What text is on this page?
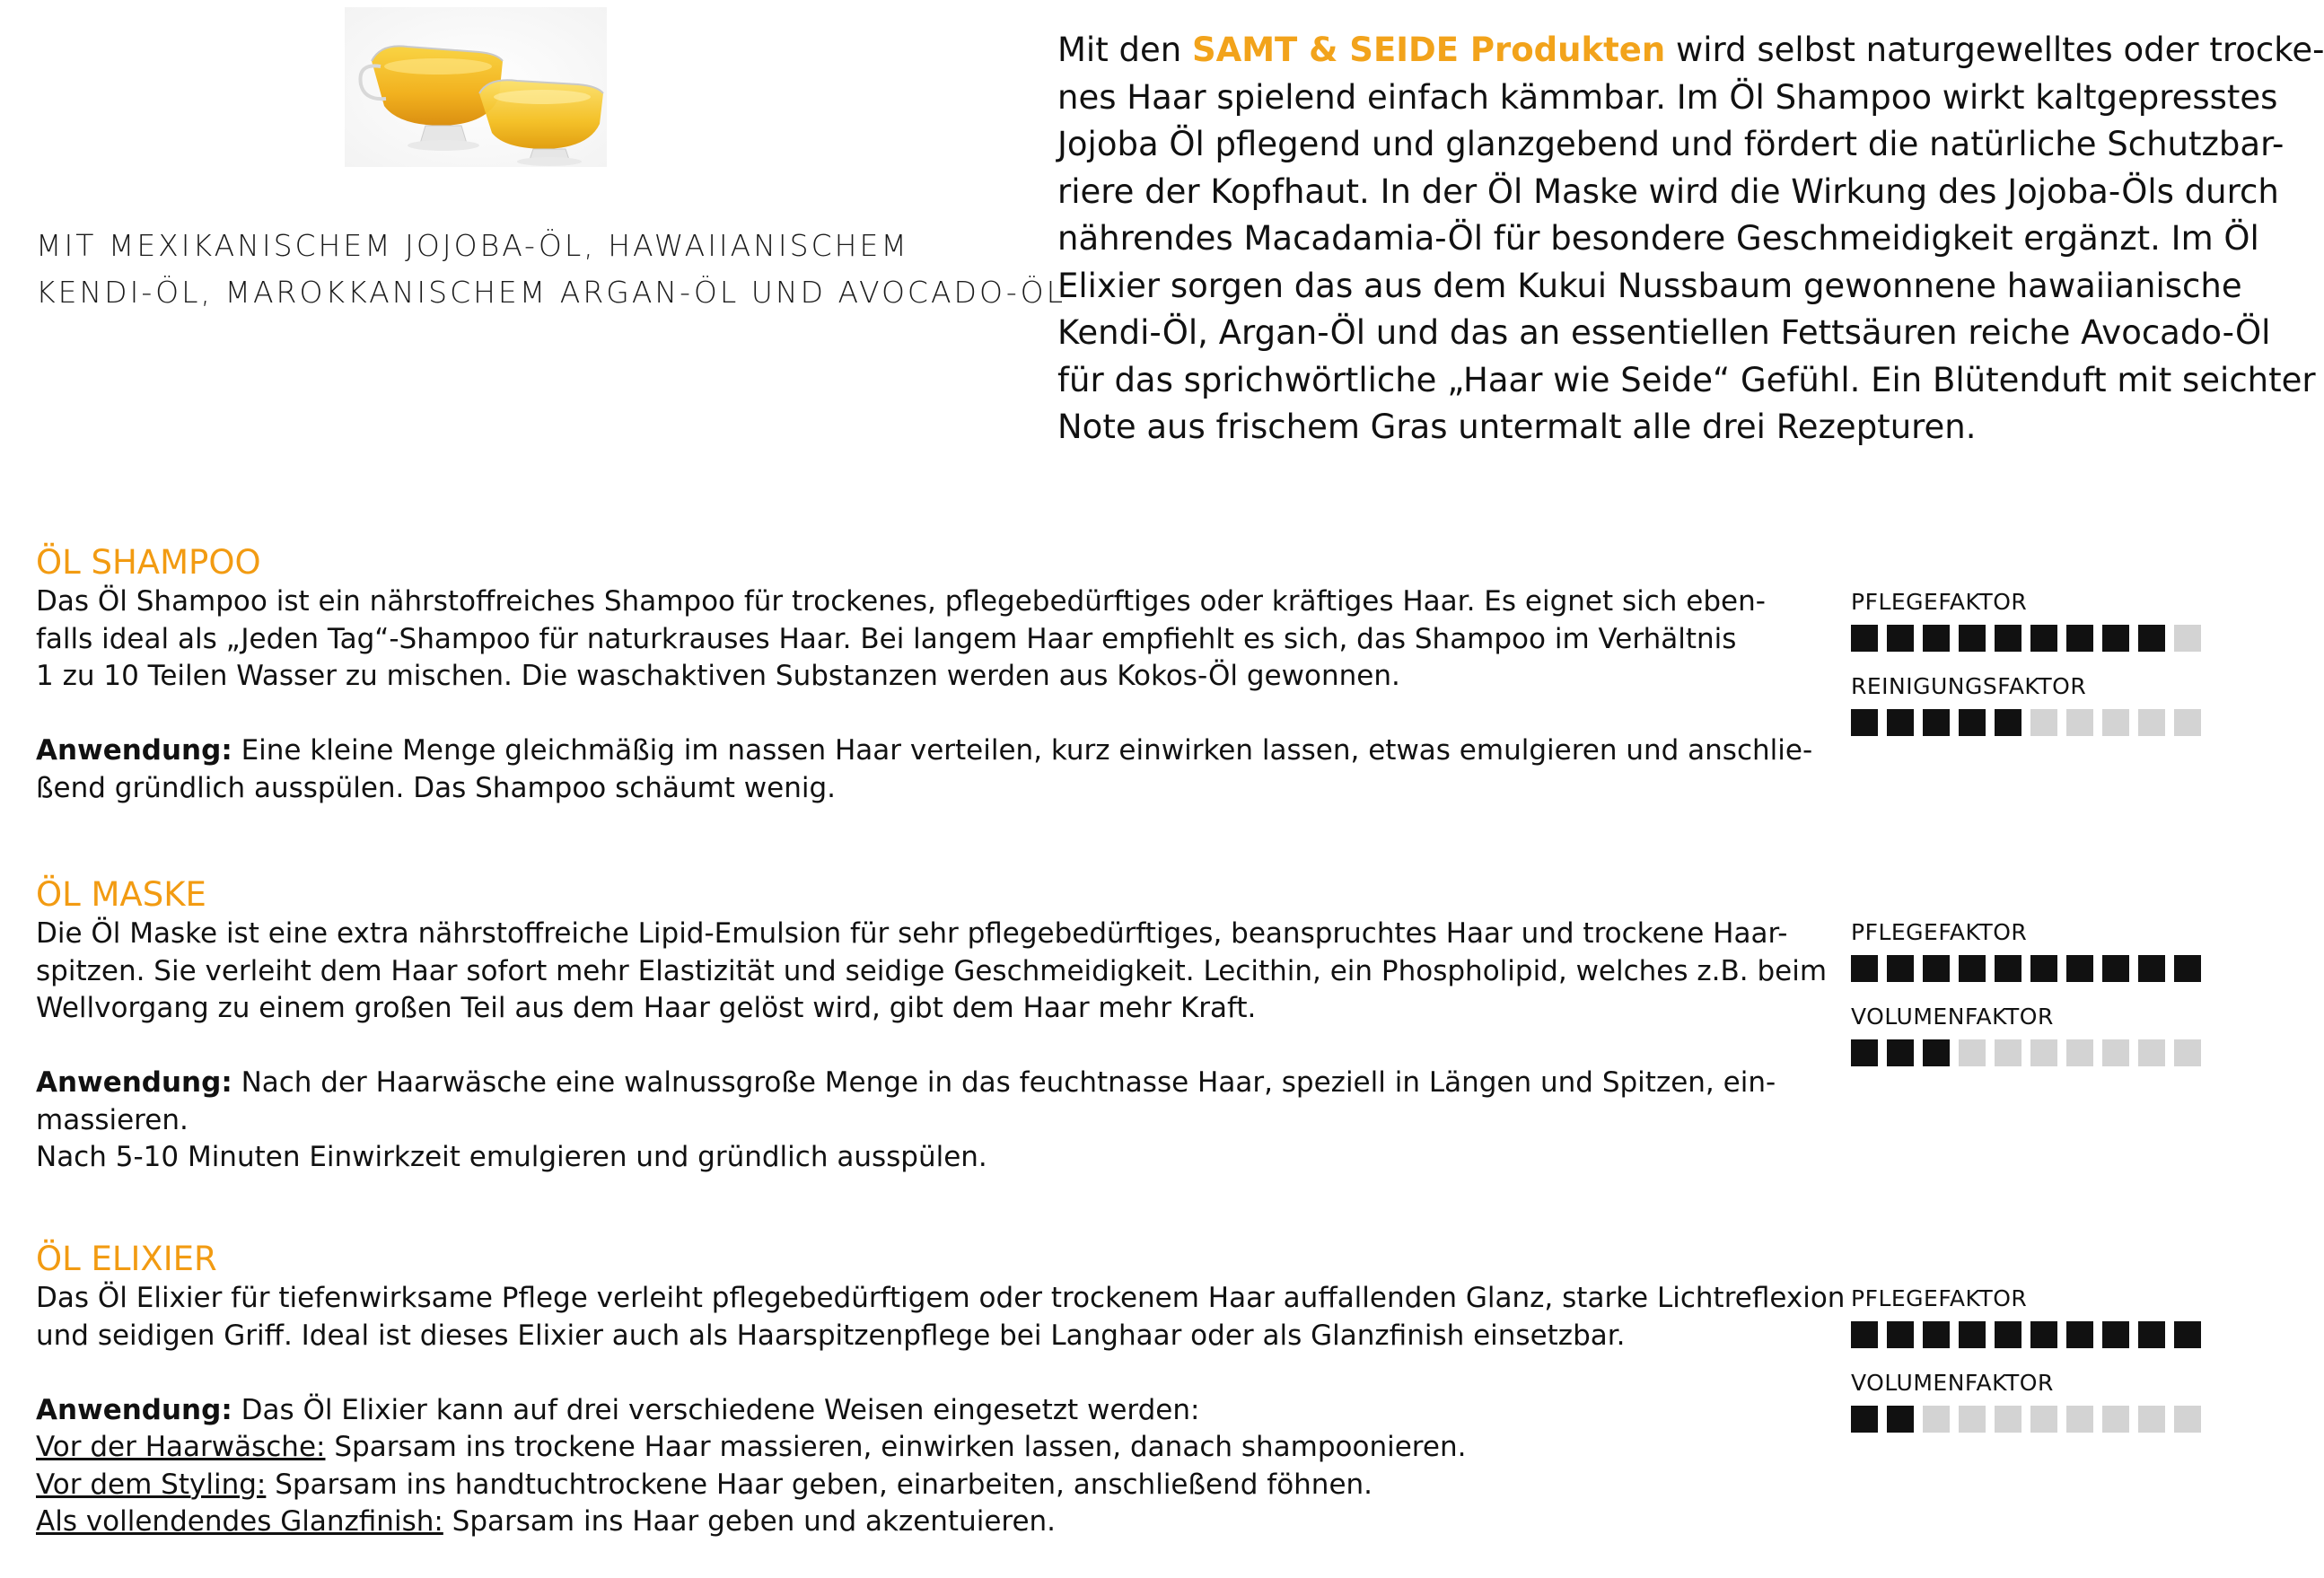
MIT MEXIKANISCHEM JOJOBA-ÖL, HAWAIIANISCHEM
KENDI-ÖL, MAROKKANISCHEM ARGAN-ÖL UND AVOCADO-ÖL
Mit den SAMT & SEIDE Produkten wird selbst naturgewelltes oder trocke-
nes Haar spielend einfach kämmbar. Im Öl Shampoo wirkt kaltgepresstes
Jojoba Öl pflegend und glanzgebend und fördert die natürliche Schutzbar-
riere der Kopfhaut. In der Öl Maske wird die Wirkung des Jojoba-Öls durch
nährendes Macadamia-Öl für besondere Geschmeidigkeit ergänzt. Im Öl
Elixier sorgen das aus dem Kukui Nussbaum gewonnene hawaiianische
Kendi-Öl, Argan-Öl und das an essentiellen Fettsäuren reiche Avocado-Öl
für das sprichwörtliche „Haar wie Seide“ Gefühl. Ein Blütenduft mit seichter
Note aus frischem Gras untermalt alle drei Rezepturen.
ÖL SHAMPOO
Das Öl Shampoo ist ein nährstoffreiches Shampoo für trockenes, pflegebedürftiges oder kräftiges Haar. Es eignet sich eben-
falls ideal als „Jeden Tag“-Shampoo für naturkrauses Haar. Bei langem Haar empfiehlt es sich, das Shampoo im Verhältnis
1 zu 10 Teilen Wasser zu mischen. Die waschaktiven Substanzen werden aus Kokos-Öl gewonnen.
Anwendung: Eine kleine Menge gleichmäßig im nassen Haar verteilen, kurz einwirken lassen, etwas emulgieren und anschlie-
ßend gründlich ausspülen. Das Shampoo schäumt wenig.
PFLEGEFAKTOR
REINIGUNGSFAKTOR
ÖL MASKE
Die Öl Maske ist eine extra nährstoffreiche Lipid-Emulsion für sehr pflegebedürftiges, beanspruchtes Haar und trockene Haar-
spitzen. Sie verleiht dem Haar sofort mehr Elastizität und seidige Geschmeidigkeit. Lecithin, ein Phospholipid, welches z.B. beim
Wellvorgang zu einem großen Teil aus dem Haar gelöst wird, gibt dem Haar mehr Kraft.
Anwendung: Nach der Haarwäsche eine walnussgroße Menge in das feuchtnasse Haar, speziell in Längen und Spitzen, ein-
massieren.
Nach 5-10 Minuten Einwirkzeit emulgieren und gründlich ausspülen.
PFLEGEFAKTOR
VOLUMENFAKTOR
ÖL ELIXIER
Das Öl Elixier für tiefenwirksame Pflege verleiht pflegebedürftigem oder trockenem Haar auffallenden Glanz, starke Lichtreflexion
und seidigen Griff. Ideal ist dieses Elixier auch als Haarspitzenpflege bei Langhaar oder als Glanzfinish einsetzbar.
Anwendung: Das Öl Elixier kann auf drei verschiedene Weisen eingesetzt werden:
Vor der Haarwäsche: Sparsam ins trockene Haar massieren, einwirken lassen, danach shampoonieren.
Vor dem Styling: Sparsam ins handtuchtrockene Haar geben, einarbeiten, anschließend föhnen.
Als vollendendes Glanzfinish: Sparsam ins Haar geben und akzentuieren.
PFLEGEFAKTOR
VOLUMENFAKTOR
